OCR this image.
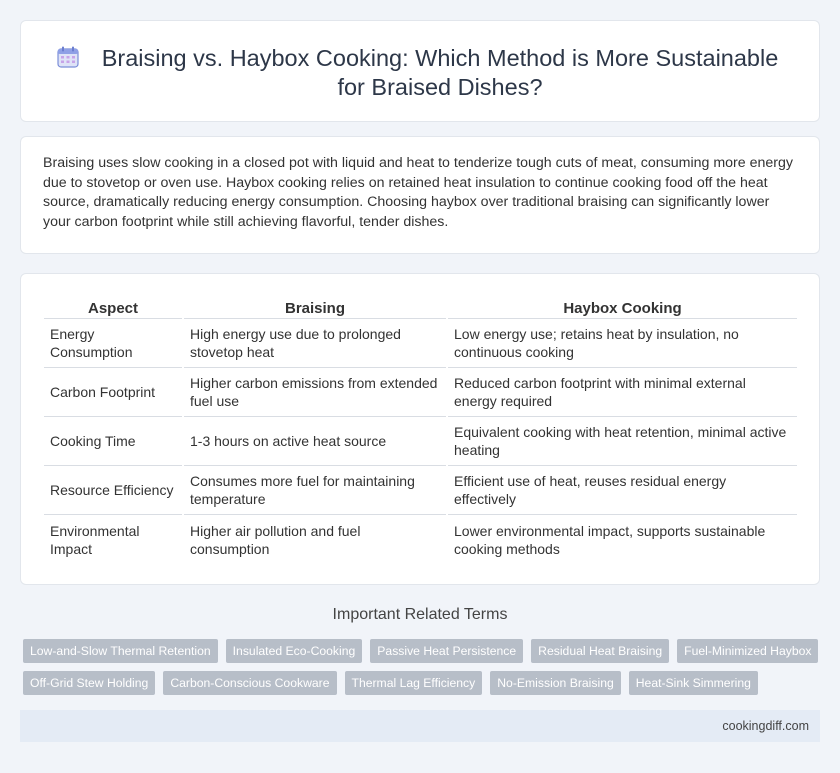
Braising vs. Haybox Cooking: Which Method is More Sustainable for Braised Dishes?

Braising uses slow cooking in a closed pot with liquid and heat to tenderize tough cuts of meat, consuming more energy due to stovetop or oven use. Haybox cooking relies on retained heat insulation to continue cooking food off the heat source, dramatically reducing energy consumption. Choosing haybox over traditional braising can significantly lower your carbon footprint while still achieving flavorful, tender dishes.

Aspect	Braising	Haybox Cooking
Energy Consumption	High energy use due to prolonged stovetop heat	Low energy use; retains heat by insulation, no continuous cooking
Carbon Footprint	Higher carbon emissions from extended fuel use	Reduced carbon footprint with minimal external energy required
Cooking Time	1-3 hours on active heat source	Equivalent cooking with heat retention, minimal active heating
Resource Efficiency	Consumes more fuel for maintaining temperature	Efficient use of heat, reuses residual energy effectively
Environmental Impact	Higher air pollution and fuel consumption	Lower environmental impact, supports sustainable cooking methods
Important Related Terms
Low-and-Slow Thermal Retention	Insulated Eco-Cooking	Passive Heat Persistence	Residual Heat Braising	Fuel-Minimized Haybox
Off-Grid Stew Holding	Carbon-Conscious Cookware	Thermal Lag Efficiency	No-Emission Braising	Heat-Sink Simmering
cookingdiff.com
